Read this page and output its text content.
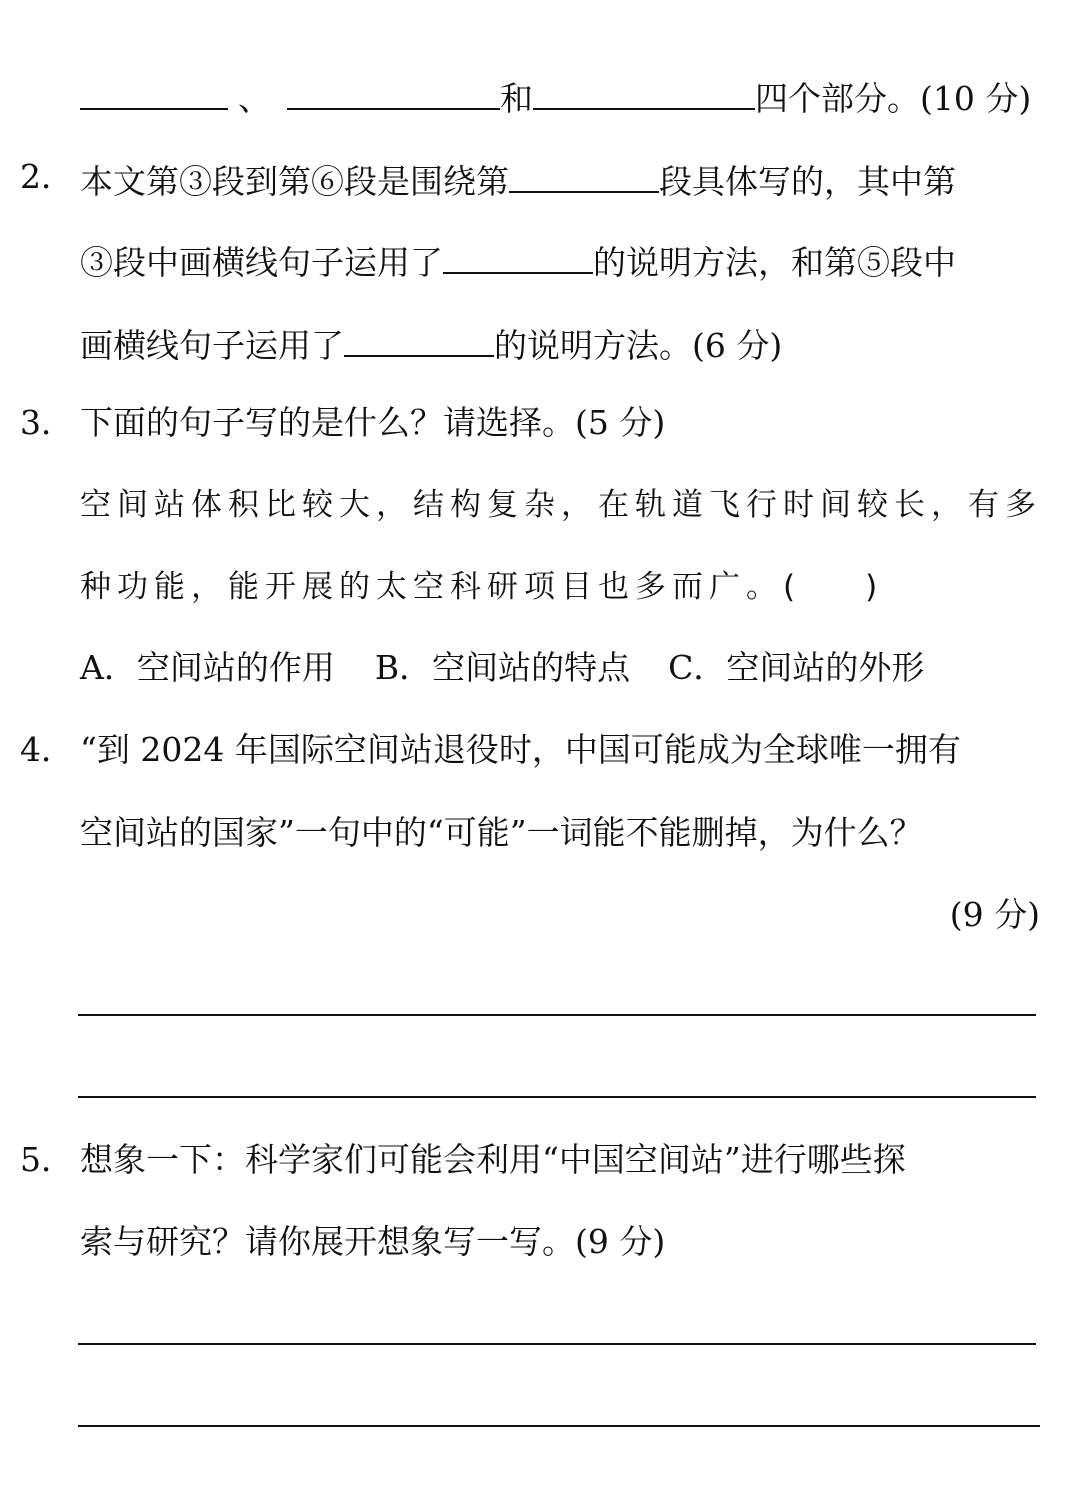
、	和	四个部分。(10 分)
2． 本文第③段到第⑥段是围绕第	段具体写的，其中第
③段中画横线句子运用了	的说明方法，和第⑤段中
画横线句子运用了	的说明方法。(6 分)
3． 下面的句子写的是什么？请选择。(5 分)
空间站体积比较大，结构复杂，在轨道飞行时间较长，有多
种功能，能开展的太空科研项目也多而广。( )
A．空间站的作用 B．空间站的特点 C．空间站的外形
4． “到 2024 年国际空间站退役时，中国可能成为全球唯一拥有
空间站的国家”一句中的“可能”一词能不能删掉，为什么？
(9 分)
5． 想象一下：科学家们可能会利用“中国空间站”进行哪些探
索与研究？请你展开想象写一写。(9 分)
